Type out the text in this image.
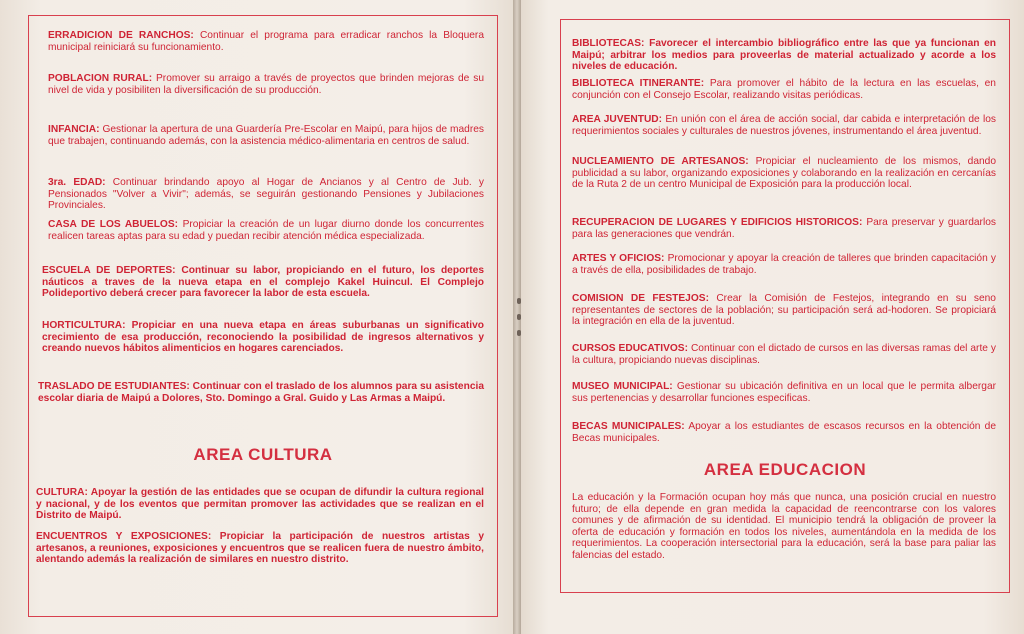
ERRADICION DE RANCHOS: Continuar el programa para erradicar ranchos la Bloquera municipal reiniciará su funcionamiento.

POBLACION RURAL: Promover su arraigo a través de proyectos que brinden mejoras de su nivel de vida y posibiliten la diversificación de su producción.

INFANCIA: Gestionar la apertura de una Guardería Pre-Escolar en Maipú, para hijos de madres que trabajen, continuando además, con la asistencia médico-alimentaria en centros de salud.

3ra. EDAD: Continuar brindando apoyo al Hogar de Ancianos y al Centro de Jub. y Pensionados "Volver a Vivir"; además, se seguirán gestionando Pensiones y Jubilaciones Provinciales.

CASA DE LOS ABUELOS: Propiciar la creación de un lugar diurno donde los concurrentes realicen tareas aptas para su edad y puedan recibir atención médica especializada.

ESCUELA DE DEPORTES: Continuar su labor, propiciando en el futuro, los deportes náuticos a traves de la nueva etapa en el complejo Kakel Huincul. El Complejo Polideportivo deberá crecer para favorecer la labor de esta escuela.

HORTICULTURA: Propiciar en una nueva etapa en áreas suburbanas un significativo crecimiento de esa producción, reconociendo la posibilidad de ingresos alternativos y creando nuevos hábitos alimenticios en hogares carenciados.

TRASLADO DE ESTUDIANTES: Continuar con el traslado de los alumnos para su asistencia escolar diaria de Maipú a Dolores, Sto. Domingo a Gral. Guido y Las Armas a Maipú.

AREA CULTURA

CULTURA: Apoyar la gestión de las entidades que se ocupan de difundir la cultura regional y nacional, y de los eventos que permitan promover las actividades que se realizan en el Distrito de Maipú.

ENCUENTROS Y EXPOSICIONES: Propiciar la participación de nuestros artistas y artesanos, a reuniones, exposiciones y encuentros que se realicen fuera de nuestro ámbito, alentando además la realización de similares en nuestro distrito.

BIBLIOTECAS: Favorecer el intercambio bibliográfico entre las que ya funcionan en Maipú; arbitrar los medios para proveerlas de material actualizado y acorde a los niveles de educación.

BIBLIOTECA ITINERANTE: Para promover el hábito de la lectura en las escuelas, en conjunción con el Consejo Escolar, realizando visitas periódicas.

AREA JUVENTUD: En unión con el área de acción social, dar cabida e interpretación de los requerimientos sociales y culturales de nuestros jóvenes, instrumentando el área juventud.

NUCLEAMIENTO DE ARTESANOS: Propiciar el nucleamiento de los mismos, dando publicidad a su labor, organizando exposiciones y colaborando en la realización en cercanías de la Ruta 2 de un centro Municipal de Exposición para la producción local.

RECUPERACION DE LUGARES Y EDIFICIOS HISTORICOS: Para preservar y guardarlos para las generaciones que vendrán.

ARTES Y OFICIOS: Promocionar y apoyar la creación de talleres que brinden capacitación y a través de ella, posibilidades de trabajo.

COMISION DE FESTEJOS: Crear la Comisión de Festejos, integrando en su seno representantes de sectores de la población; su participación será ad-hodoren. Se propiciará la integración en ella de la juventud.

CURSOS EDUCATIVOS: Continuar con el dictado de cursos en las diversas ramas del arte y la cultura, propiciando nuevas disciplinas.

MUSEO MUNICIPAL: Gestionar su ubicación definitiva en un local que le permita albergar sus pertenencias y desarrollar funciones especificas.

BECAS MUNICIPALES: Apoyar a los estudiantes de escasos recursos en la obtención de Becas municipales.

AREA EDUCACION

La educación y la Formación ocupan hoy más que nunca, una posición crucial en nuestro futuro; de ella depende en gran medida la capacidad de reencontrarse con los valores comunes y de afirmación de su identidad. El municipio tendrá la obligación de proveer la oferta de educación y formación en todos los niveles, aumentándola en la medida de los requerimientos. La cooperación intersectorial para la educación, será la base para paliar las falencias del estado.
